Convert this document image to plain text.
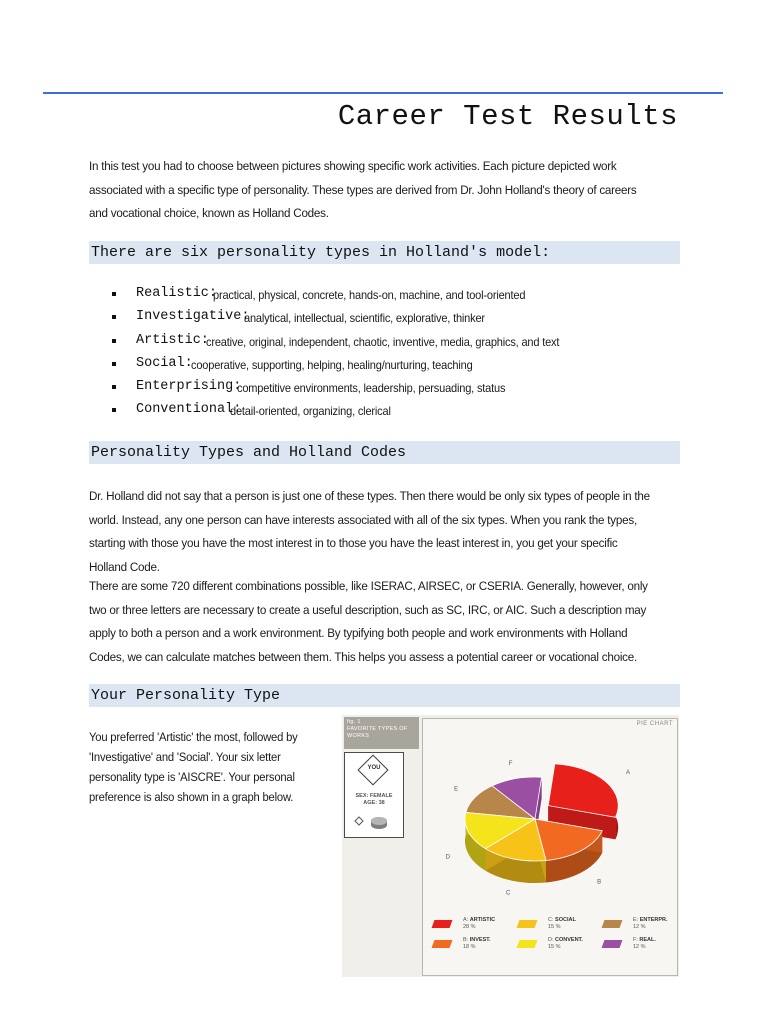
Career Test Results
In this test you had to choose between pictures showing specific work activities. Each picture depicted work associated with a specific type of personality. These types are derived from Dr. John Holland's theory of careers and vocational choice, known as Holland Codes.
There are six personality types in Holland's model:
Realistic:
practical, physical, concrete, hands-on, machine, and tool-oriented
Investigative:
analytical, intellectual, scientific, explorative, thinker
Artistic:
creative, original, independent, chaotic, inventive, media, graphics, and text
Social:
cooperative, supporting, helping, healing/nurturing, teaching
Enterprising:
competitive environments, leadership, persuading, status
Conventional:
detail-oriented, organizing, clerical
Personality Types and Holland Codes
Dr. Holland did not say that a person is just one of these types. Then there would be only six types of people in the world. Instead, any one person can have interests associated with all of the six types. When you rank the types, starting with those you have the most interest in to those you have the least interest in, you get your specific Holland Code.
There are some 720 different combinations possible, like ISERAC, AIRSEC, or CSERIA. Generally, however, only two or three letters are necessary to create a useful description, such as SC, IRC, or AIC. Such a description may apply to both a person and a work environment. By typifying both people and work environments with Holland Codes, we can calculate matches between them. This helps you assess a potential career or vocational choice.
Your Personality Type
You preferred 'Artistic' the most, followed by 'Investigative' and 'Social'. Your six letter personality type is 'AISCRE'. Your personal preference is also shown in a graph below.
fig. 1
FAVORITE TYPES OF
WORKS
YOU
SEX: FEMALE
AGE: 38
PIE CHART
A
B
C
D
E
F
A: ARTISTIC
28 %
B: INVEST.
18 %
C: SOCIAL
15 %
D: CONVENT.
15 %
E: ENTERPR.
12 %
F: REAL.
12 %
